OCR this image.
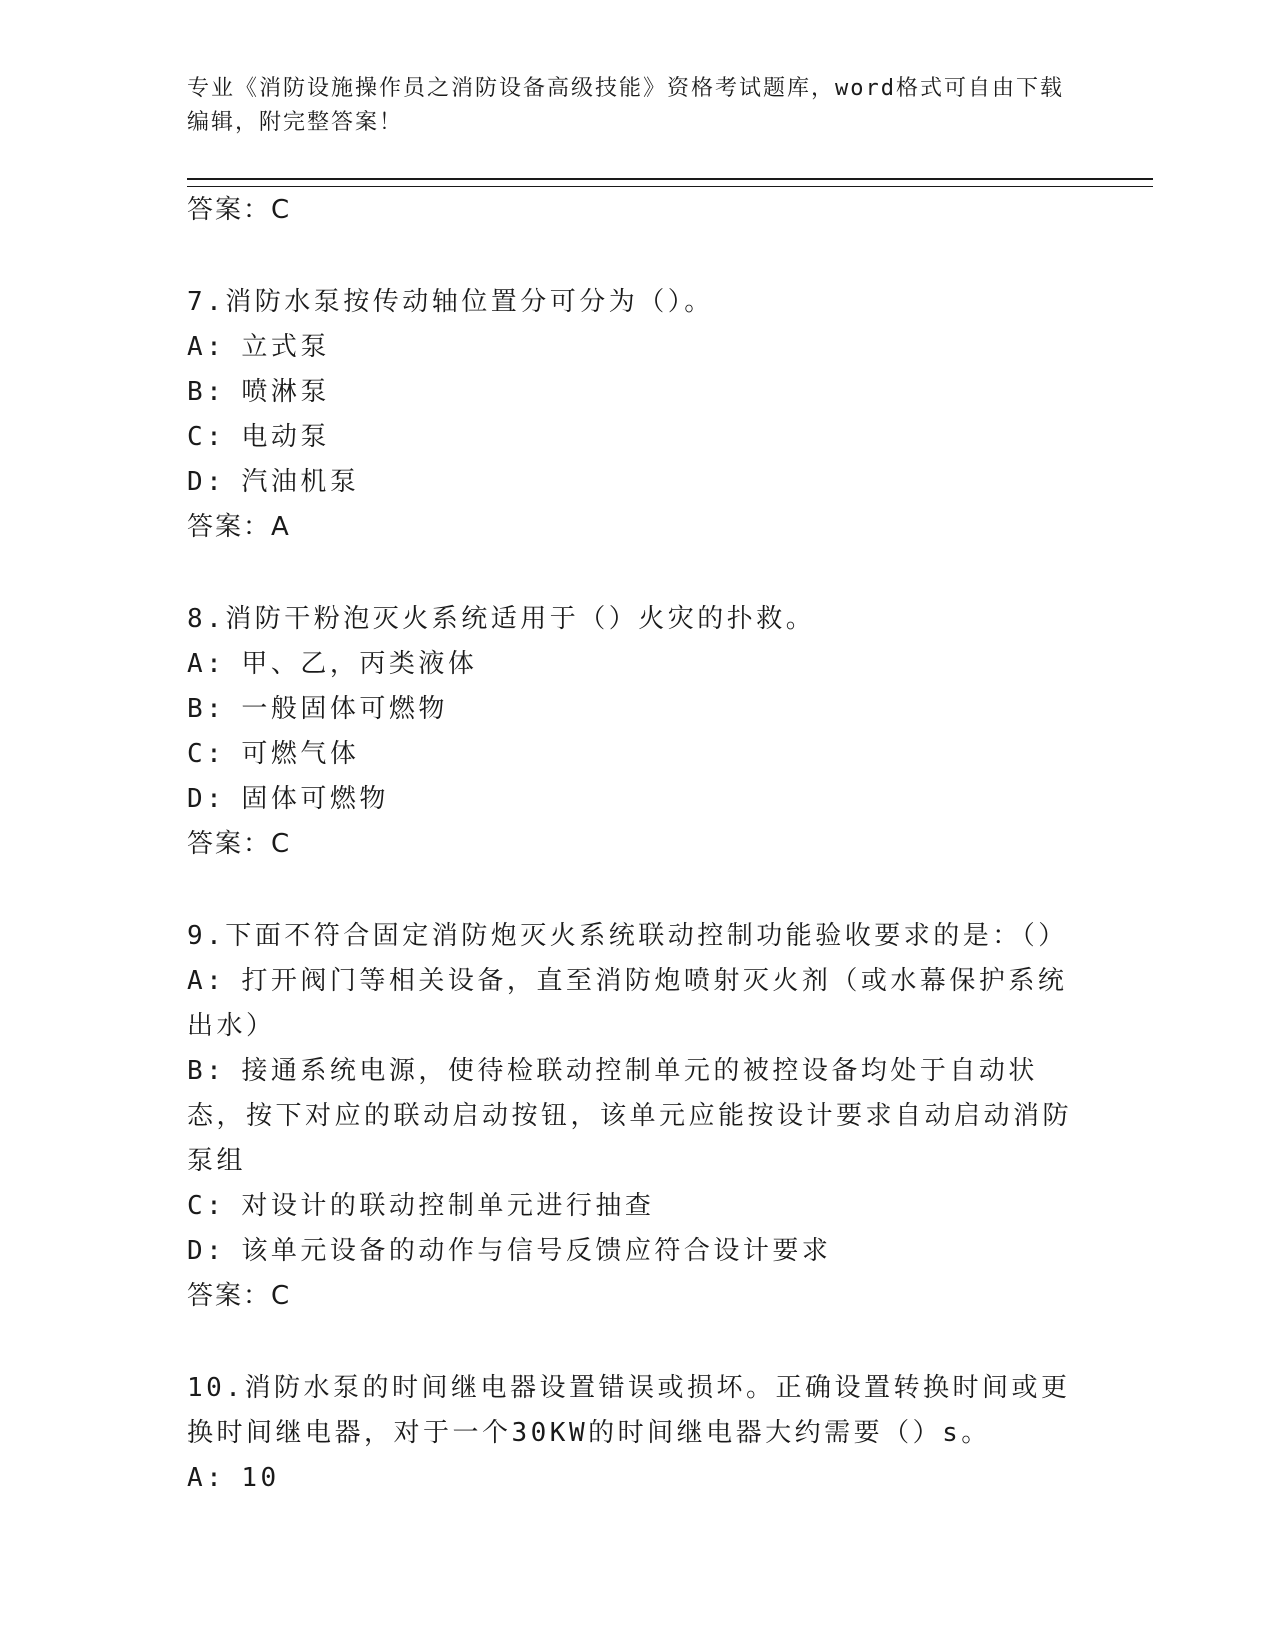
专业《消防设施操作员之消防设备高级技能》资格考试题库，word格式可自由下载编辑，附完整答案！

答案：C

7.消防水泵按传动轴位置分可分为（）。

A: 立式泵

B: 喷淋泵

C: 电动泵

D: 汽油机泵

答案：A

8.消防干粉泡灭火系统适用于（）火灾的扑救。

A: 甲、乙，丙类液体

B: 一般固体可燃物

C: 可燃气体

D: 固体可燃物

答案：C

9.下面不符合固定消防炮灭火系统联动控制功能验收要求的是：（）

A: 打开阀门等相关设备，直至消防炮喷射灭火剂（或水幕保护系统出水）

B: 接通系统电源，使待检联动控制单元的被控设备均处于自动状态，按下对应的联动启动按钮，该单元应能按设计要求自动启动消防泵组

C: 对设计的联动控制单元进行抽查

D: 该单元设备的动作与信号反馈应符合设计要求

答案：C

10.消防水泵的时间继电器设置错误或损坏。正确设置转换时间或更换时间继电器，对于一个30KW的时间继电器大约需要（）s。

A: 10
